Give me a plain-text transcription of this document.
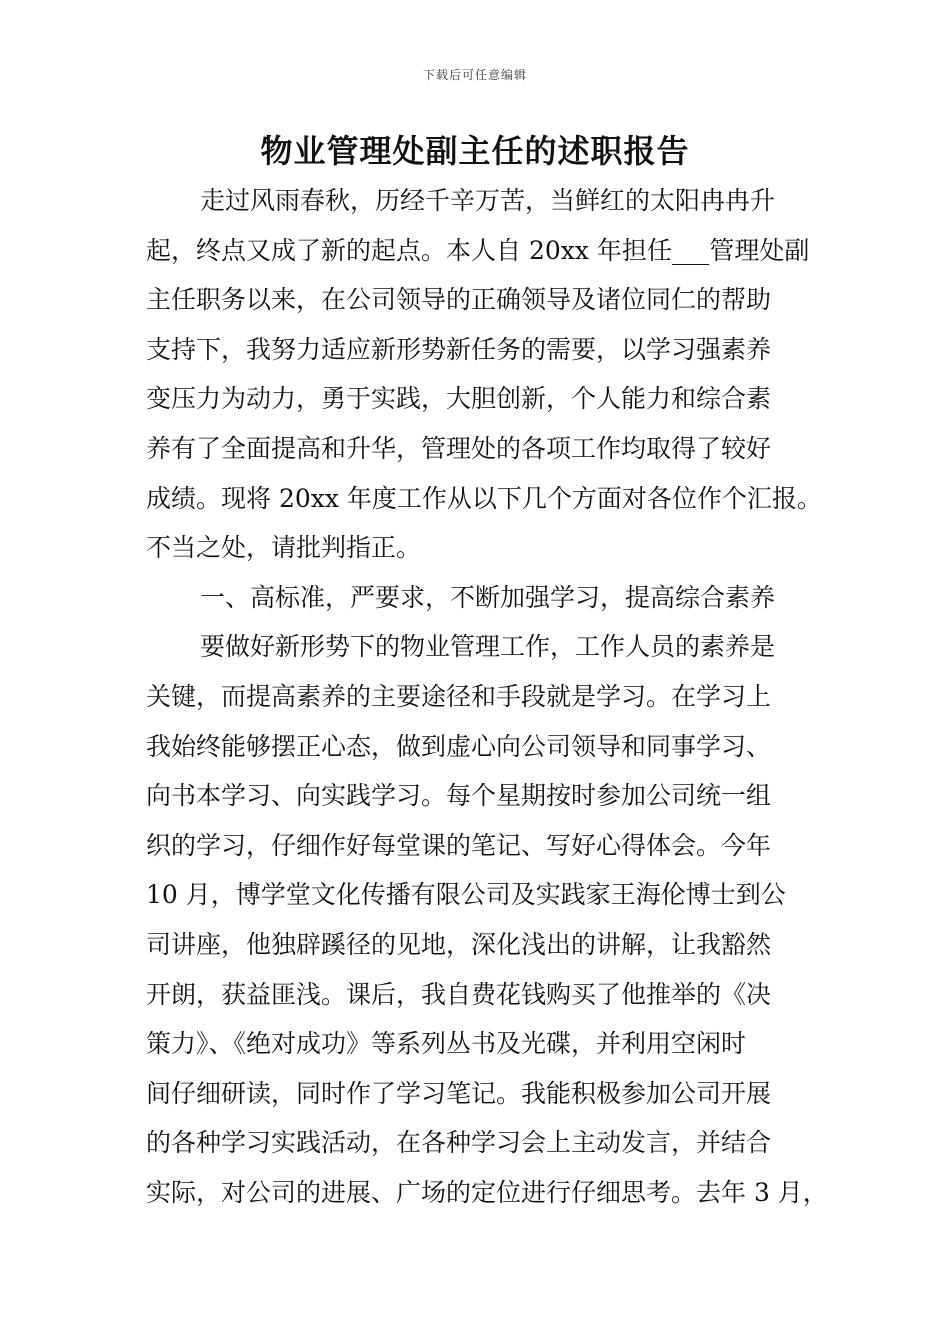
下载后可任意编辑
物业管理处副主任的述职报告
走过风雨春秋，历经千辛万苦，当鲜红的太阳冉冉升
起，终点又成了新的起点。本人自 20xx 年担任___管理处副
主任职务以来，在公司领导的正确领导及诸位同仁的帮助
支持下，我努力适应新形势新任务的需要，以学习强素养
变压力为动力，勇于实践，大胆创新，个人能力和综合素
养有了全面提高和升华，管理处的各项工作均取得了较好
成绩。现将 20xx 年度工作从以下几个方面对各位作个汇报。
不当之处，请批判指正。
一、高标准，严要求，不断加强学习，提高综合素养
要做好新形势下的物业管理工作，工作人员的素养是
关键，而提高素养的主要途径和手段就是学习。在学习上
我始终能够摆正心态，做到虚心向公司领导和同事学习、
向书本学习、向实践学习。每个星期按时参加公司统一组
织的学习，仔细作好每堂课的笔记、写好心得体会。今年
10 月，博学堂文化传播有限公司及实践家王海伦博士到公
司讲座，他独辟蹊径的见地，深化浅出的讲解，让我豁然
开朗，获益匪浅。课后，我自费花钱购买了他推举的《决
策力》、《绝对成功》等系列丛书及光碟，并利用空闲时
间仔细研读，同时作了学习笔记。我能积极参加公司开展
的各种学习实践活动，在各种学习会上主动发言，并结合
实际，对公司的进展、广场的定位进行仔细思考。去年 3 月，
